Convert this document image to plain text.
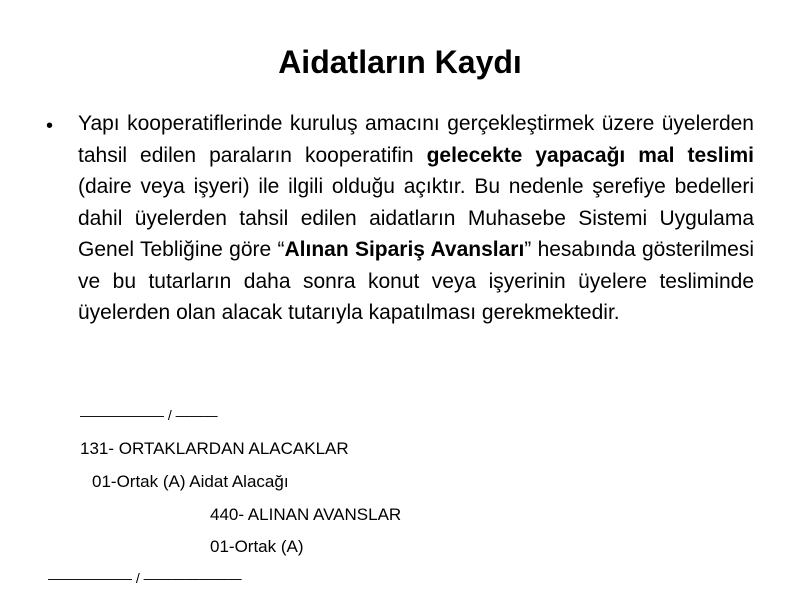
Aidatların Kaydı
• Yapı kooperatiflerinde kuruluş amacını gerçekleştirmek üzere üyelerden tahsil edilen paraların kooperatifin gelecekte yapacağı mal teslimi (daire veya işyeri) ile ilgili olduğu açıktır. Bu nedenle şerefiye bedelleri dahil üyelerden tahsil edilen aidatların Muhasebe Sistemi Uygulama Genel Tebliğine göre “Alınan Sipariş Avansları” hesabında gösterilmesi ve bu tutarların daha sonra konut veya işyerinin üyelere tesliminde üyelerden olan alacak tutarıyla kapatılması gerekmektedir.

—————— / ———
131- ORTAKLARDAN ALACAKLAR
01-Ortak (A) Aidat Alacağı
440- ALINAN AVANSLAR
01-Ortak (A)
—————— / ———————
